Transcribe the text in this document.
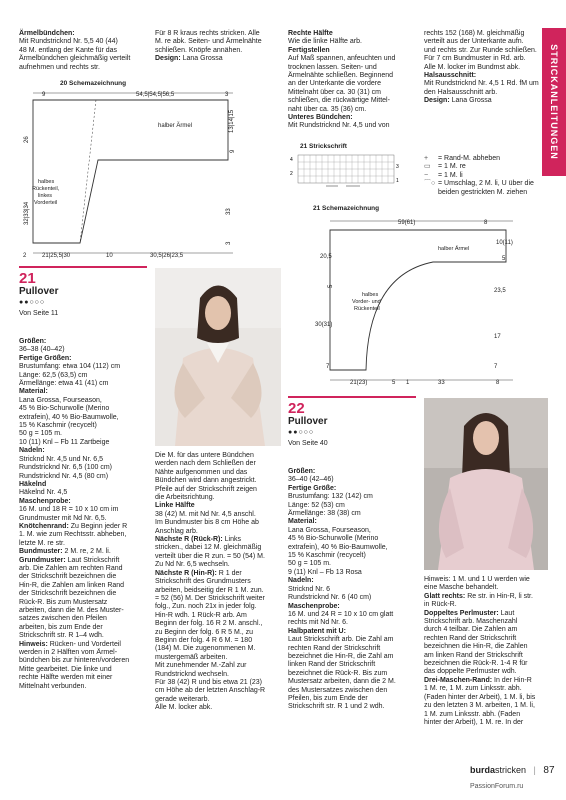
STRICKANLEITUNGEN

Ärmelbündchen:

Mit Rundstricknd Nr. 5,5 40 (44)

48 M. entlang der Kante für das

Ärmelbündchen gleichmäßig verteilt

aufnehmen und rechts str.

Für 8 R kraus rechts stricken. Alle

M. re abk. Seiten- und Ärmelnähte

schließen. Knöpfe annähen.

Design: Lana Grossa

20 Schemazeichnung
9	54,5|54,5|56,5	3
halber Ärmel	13|14|15
9
26
32|33|34
halbes
Rückenteil,
linkes
Vorderteil
33
3
21|25,5|30	10	30,5|26|23,5
2
21
Pullover
●●○○○
Von Seite 11

Größen:

36–38 (40–42)

Fertige Größen:

Brustumfang: etwa 104 (112) cm

Länge: 62,5 (63,5) cm

Ärmellänge: etwa 41 (41) cm

Material:

Lana Grossa, Fourseason,

45 % Bio-Schurwolle (Merino

extrafein), 40 % Bio-Baumwolle,

15 % Kaschmir (recycelt)

50 g = 105 m.

10 (11) Knl – Fb 11 Zartbeige

Nadeln:

Stricknd Nr. 4,5 und Nr. 6,5

Rundstricknd Nr. 6,5 (100 cm)

Rundstricknd Nr. 4,5 (80 cm)

Häkelnd

Häkelnd Nr. 4,5

Maschenprobe:

16 M. und 18 R = 10 x 10 cm im

Grundmuster mit Nd Nr. 6,5.

Knötchenrand: Zu Beginn jeder R

1. M. wie zum Rechtsstr. abheben,

letzte M. re str.

Bundmuster: 2 M. re, 2 M. li.

Grundmuster: Laut Strickschrift

arb. Die Zahlen am rechten Rand

der Strickschrift bezeichnen die

Hin-R, die Zahlen am linken Rand

der Strickschrift bezeichnen die

Rück-R. Bis zum Mustersatz

arbeiten, dann die M. des Muster-

satzes zwischen den Pfeilen

arbeiten, bis zum Ende der

Strickschrift str. R 1–4 wdh.

Hinweis: Rücken- und Vorderteil

werden in 2 Hälften vom Ärmel-

bündchen bis zur hinteren/vorderen

Mitte gearbeitet. Die linke und

rechte Hälfte werden mit einer

Mittelnaht verbunden.

Die M. für das untere Bündchen

werden nach dem Schließen der

Nähte aufgenommen und das

Bündchen wird dann angestrickt.

Pfeile auf der Strickschrift zeigen

die Arbeitsrichtung.

Linke Hälfte

38 (42) M. mit Nd Nr. 4,5 anschl.

Im Bundmuster bis 8 cm Höhe ab

Anschlag arb.

Nächste R (Rück-R): Links

stricken., dabei 12 M. gleichmäßig

verteilt über die R zun. = 50 (54) M.

Zu Nd Nr. 6,5 wechseln.

Nächste R (Hin-R): R 1 der

Strickschrift des Grundmusters

arbeiten, beidseitig der R 1 M. zun.

= 52 (56) M. Der Strickschrift weiter

folg., Zun. noch 21x in jeder folg.

Hin-R wdh. 1 Rück-R arb. Am

Beginn der folg. 16 R 2 M. anschl.,

zu Beginn der folg. 6 R 5 M., zu

Beginn der folg. 4 R 6 M. = 180

(184) M. Die zugenommenen M.

mustergemäß arbeiten.

Mit zunehmender M.-Zahl zur

Rundstricknd wechseln.

Für 38 (42) R und bis etwa 21 (23)

cm Höhe ab der letzten Anschlag-R

gerade weiterarb.

Alle M. locker abk.

Rechte Hälfte

Wie die linke Hälfte arb.

Fertigstellen

Auf Maß spannen, anfeuchten und

trocknen lassen. Seiten- und

Ärmelnähte schließen. Beginnend

an der Unterkante die vordere

Mittelnaht über ca. 30 (31) cm

schließen, die rückwärtige Mittel-

naht über ca. 35 (36) cm.

Unteres Bündchen:

Mit Rundstricknd Nr. 4,5 und von

rechts 152 (168) M. gleichmäßig

verteilt aus der Unterkante aufn.

und rechts str. Zur Runde schließen.

Für 7 cm Bundmuster in Rd. arb.

Alle M. locker im Bundmst abk.

Halsausschnitt:

Mit Rundstricknd Nr. 4,5 1 Rd. fM um

den Halsausschnitt arb.

Design: Lana Grossa

21 Strickschrift
4
3
2
1
+	= Rand-M. abheben
▭	= 1 M. re
−	= 1 M. li
⌒○ = Umschlag, 2 M. li, U über die
beiden gestrickten M. ziehen
21 Schemazeichnung
59(61)	8
10(11)
halber Ärmel
5
20,5
23,5
5
halbes
Vorder- und
Rückenteil
30(31)
17
7	7
21(23)	5 1	33	8
22
Pullover
●●○○○
Von Seite 40

Größen:

36–40 (42–46)

Fertige Größe:

Brustumfang: 132 (142) cm

Länge: 52 (53) cm

Ärmellänge: 38 (38) cm

Material:

Lana Grossa, Fourseason,

45 % Bio-Schurwolle (Merino

extrafein), 40 % Bio-Baumwolle,

15 % Kaschmir (recycelt)

50 g = 105 m.

9 (11) Knl – Fb 13 Rosa

Nadeln:

Stricknd Nr. 6

Rundstricknd Nr. 6 (40 cm)

Maschenprobe:

16 M. und 24 R = 10 x 10 cm glatt

rechts mit Nd Nr. 6.

Halbpatent mit U:

Laut Strickschrift arb. Die Zahl am

rechten Rand der Strickschrift

bezeichnet die Hin-R, die Zahl am

linken Rand der Strickschrift

bezeichnet die Rück-R. Bis zum

Mustersatz arbeiten, dann die 2 M.

des Mustersatzes zwischen den

Pfeilen, bis zum Ende der

Strickschrift str. R 1 und 2 wdh.

Hinweis: 1 M. und 1 U werden wie

eine Masche behandelt.

Glatt rechts: Re str. in Hin-R, li str.

in Rück-R.

Doppeltes Perlmuster: Laut

Strickschrift arb. Maschenzahl

durch 4 teilbar. Die Zahlen am

rechten Rand der Strickschrift

bezeichnen die Hin-R, die Zahlen

am linken Rand der Strickschrift

bezeichnen die Rück-R. 1-4 R für

das doppelte Perlmuster wdh.

Drei-Maschen-Rand: In der Hin-R

1 M. re, 1 M. zum Linksstr. abh.

(Faden hinter der Arbeit), 1 M. li, bis

zu den letzten 3 M. arbeiten, 1 M. li,

1 M. zum Linksstr. abh. (Faden

hinter der Arbeit), 1 M. re. In der

burdastricken | 87
PassionForum.ru
